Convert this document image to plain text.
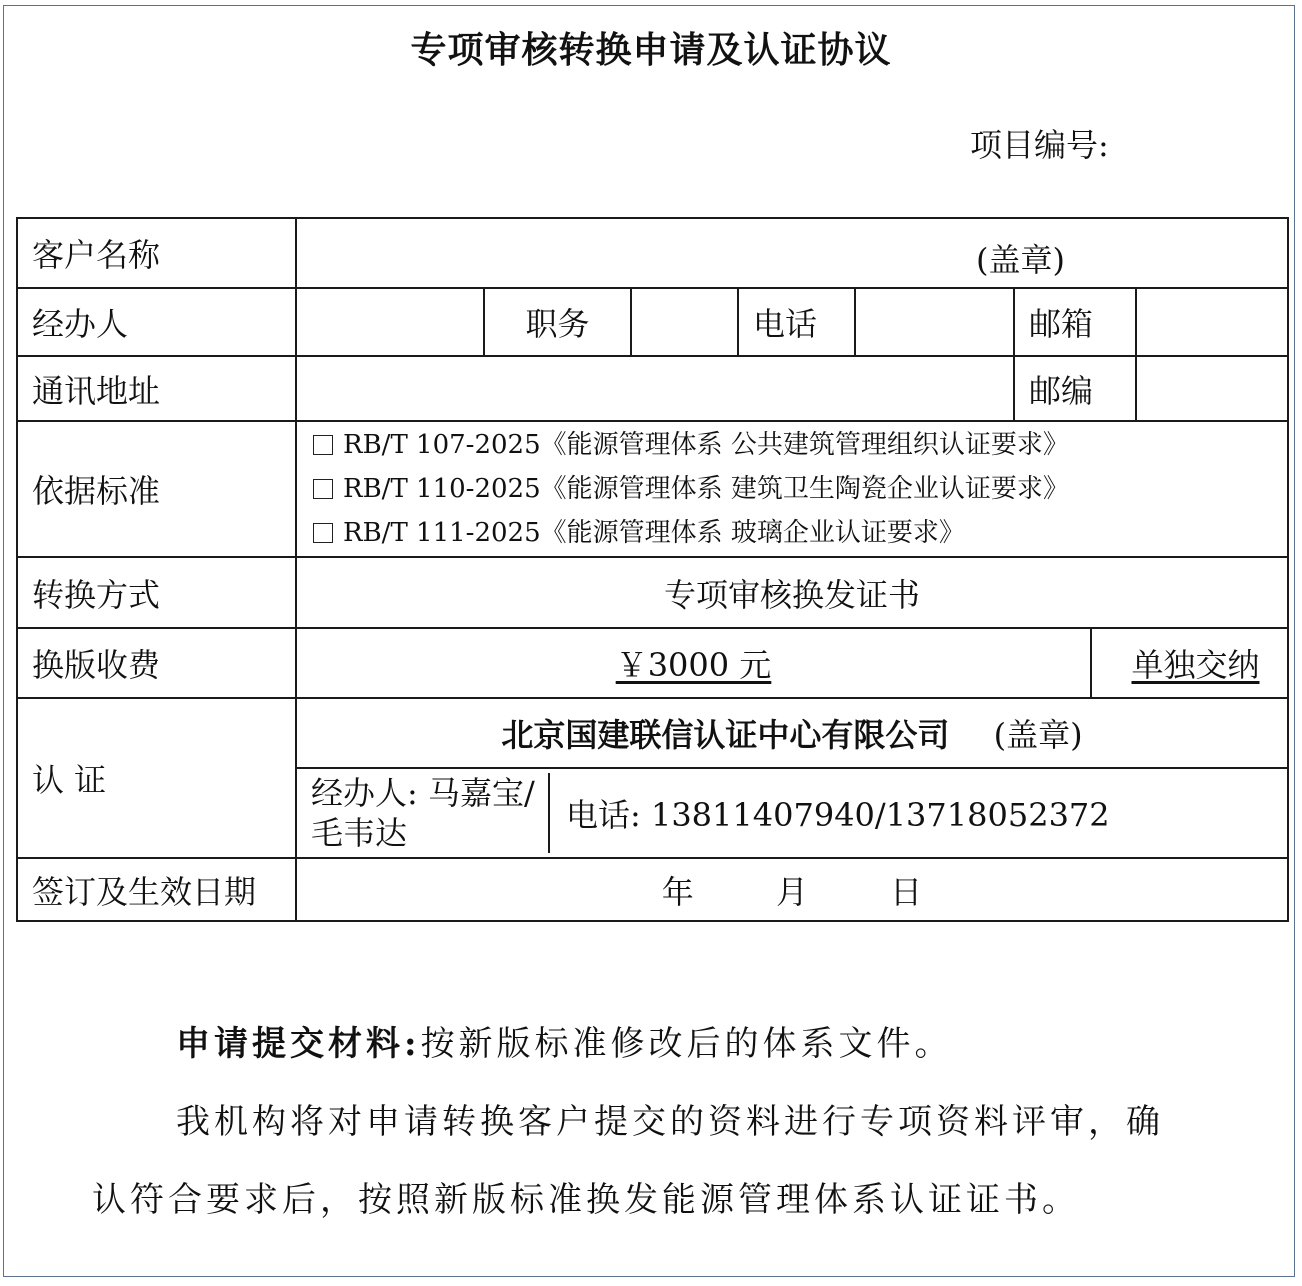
专项审核转换申请及认证协议
项目编号:
客户名称	(盖章)

经办人		职务		电话		邮箱	
通讯地址		邮编	
依据标准	
RB/T 107-2025《能源管理体系 公共建筑管理组织认证要求》
RB/T 110-2025《能源管理体系 建筑卫生陶瓷企业认证要求》
RB/T 111-2025《能源管理体系 玻璃企业认证要求》

转换方式	专项审核换发证书
换版收费	￥3000 元	单独交纳
认 证	北京国建联信认证中心有限公司 (盖章)

经办人: 马嘉宝/毛韦达	电话: 13811407940/13718052372

签订及生效日期	年	月	日
申请提交材料:按新版标准修改后的体系文件。
我机构将对申请转换客户提交的资料进行专项资料评审，确
认符合要求后，按照新版标准换发能源管理体系认证证书。
